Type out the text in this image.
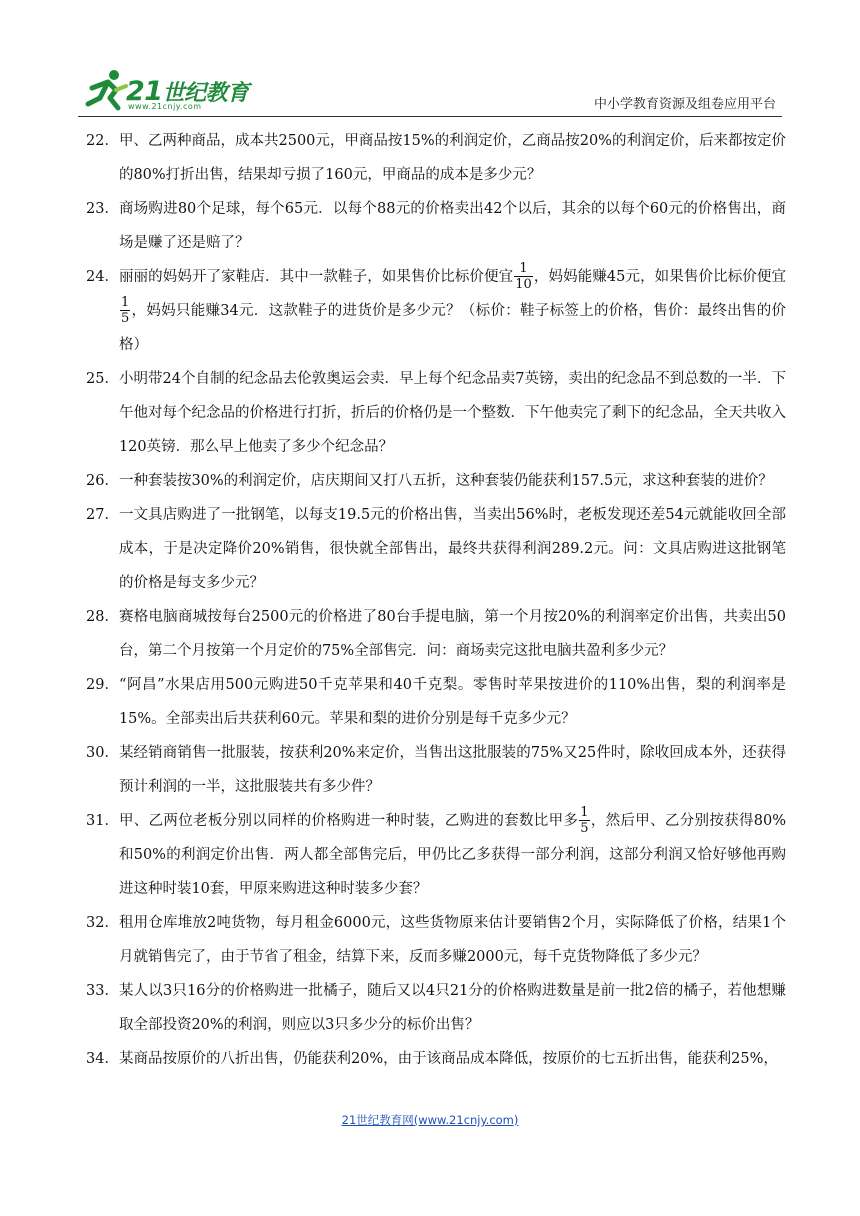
21世纪教育
www.21cnjy.com	中小学教育资源及组卷应用平台
22． 甲、乙两种商品，成本共2500元，甲商品按15%的利润定价，乙商品按20%的利润定价，后来都按定价的80%打折出售，结果却亏损了160元，甲商品的成本是多少元？
23． 商场购进80个足球，每个65元．以每个88元的价格卖出42个以后，其余的以每个60元的价格售出，商场是赚了还是赔了？
24． 丽丽的妈妈开了家鞋店．其中一款鞋子，如果售价比标价便宜 $\frac{1}{10}$ ，妈妈能赚45元，如果售价比标价便宜
$\frac{1}{5}$ ，妈妈只能赚34元．这款鞋子的进货价是多少元？（标价：鞋子标签上的价格，售价：最终出售的价格）
25． 小明带24个自制的纪念品去伦敦奥运会卖．早上每个纪念品卖7英镑，卖出的纪念品不到总数的一半．下午他对每个纪念品的价格进行打折，折后的价格仍是一个整数．下午他卖完了剩下的纪念品，全天共收入120英镑．那么早上他卖了多少个纪念品？
26． 一种套装按30%的利润定价，店庆期间又打八五折，这种套装仍能获利157.5元，求这种套装的进价？
27． 一文具店购进了一批钢笔，以每支19.5元的价格出售，当卖出56%时，老板发现还差54元就能收回全部成本，于是决定降价20%销售，很快就全部售出，最终共获得利润289.2元。问：文具店购进这批钢笔的价格是每支多少元？
28． 赛格电脑商城按每台2500元的价格进了80台手提电脑，第一个月按20%的利润率定价出售，共卖出50台，第二个月按第一个月定价的75%全部售完．问：商场卖完这批电脑共盈利多少元？
29． “阿昌”水果店用500元购进50千克苹果和40千克梨。零售时苹果按进价的110%出售，梨的利润率是15%。全部卖出后共获利60元。苹果和梨的进价分别是每千克多少元？
30． 某经销商销售一批服装，按获利20%来定价，当售出这批服装的75%又25件时，除收回成本外，还获得预计利润的一半，这批服装共有多少件？
31． 甲、乙两位老板分别以同样的价格购进一种时装，乙购进的套数比甲多 $\frac{1}{5}$ ，然后甲、乙分别按获得80%和50%的利润定价出售．两人都全部售完后，甲仍比乙多获得一部分利润，这部分利润又恰好够他再购进这种时装10套，甲原来购进这种时装多少套？
32． 租用仓库堆放2吨货物，每月租金6000元，这些货物原来估计要销售2个月，实际降低了价格，结果1个月就销售完了，由于节省了租金，结算下来，反而多赚2000元，每千克货物降低了多少元？
33． 某人以3只16分的价格购进一批橘子，随后又以4只21分的价格购进数量是前一批2倍的橘子，若他想赚取全部投资20%的利润，则应以3只多少分的标价出售？
34． 某商品按原价的八折出售，仍能获利20%，由于该商品成本降低，按原价的七五折出售，能获利25%，
21世纪教育网(www.21cnjy.com)
